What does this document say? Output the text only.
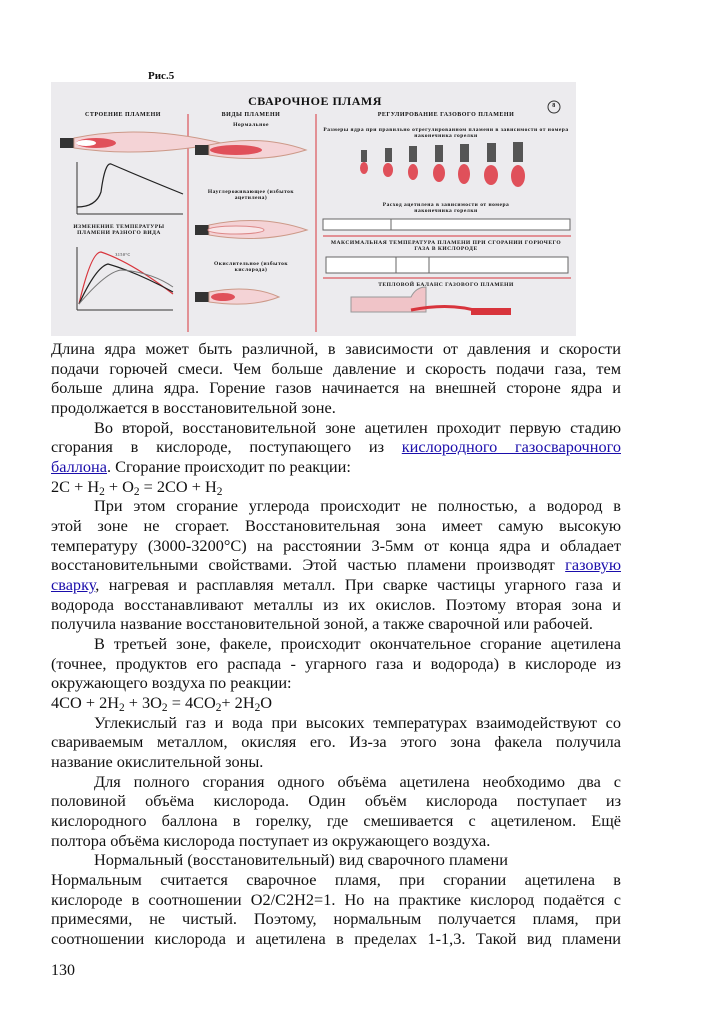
Рис.5
СВАРОЧНОЕ ПЛАМЯ	8
СТРОЕНИЕ ПЛАМЕНИ
ИЗМЕНЕНИЕ ТЕМПЕРАТУРЫ ПЛАМЕНИ РАЗНОГО ВИДА
3150°C
ВИДЫ ПЛАМЕНИ
Нормальное
Науглероживающее (избыток ацетилена)
Окислительное (избыток кислорода)
РЕГУЛИРОВАНИЕ ГАЗОВОГО ПЛАМЕНИ
Размеры ядра при правильно отрегулированном пламени в зависимости от номера наконечника горелки
Расход ацетилена в зависимости от номера наконечника горелки
МАКСИМАЛЬНАЯ ТЕМПЕРАТУРА ПЛАМЕНИ ПРИ СГОРАНИИ ГОРЮЧЕГО ГАЗА В КИСЛОРОДЕ
ТЕПЛОВОЙ БАЛАНС ГАЗОВОГО ПЛАМЕНИ
Длина ядра может быть различной, в зависимости от давления и скорости
подачи горючей смеси. Чем больше давление и скорость подачи газа, тем
больше длина ядра. Горение газов начинается на внешней стороне ядра и
продолжается в восстановительной зоне.
Во второй, восстановительной зоне ацетилен проходит первую стадию
сгорания в кислороде, поступающего из кислородного газосварочного
баллона. Сгорание происходит по реакции:
$2C + H_2 + O_2 = 2CO + H_2$
При этом сгорание углерода происходит не полностью, а водород в
этой зоне не сгорает. Восстановительная зона имеет самую высокую
температуру (3000-3200°С) на расстоянии 3-5мм от конца ядра и обладает
восстановительными свойствами. Этой частью пламени производят газовую
сварку, нагревая и расплавляя металл. При сварке частицы угарного газа и
водорода восстанавливают металлы из их окислов. Поэтому вторая зона и
получила название восстановительной зоной, а также сварочной или рабочей.
В третьей зоне, факеле, происходит окончательное сгорание ацетилена
(точнее, продуктов его распада - угарного газа и водорода) в кислороде из
окружающего воздуха по реакции:
$4CO + 2H_2 + 3O_2 = 4CO_2+ 2H_2O$
Углекислый газ и вода при высоких температурах взаимодействуют со
свариваемым металлом, окисляя его. Из-за этого зона факела получила
название окислительной зоны.
Для полного сгорания одного объёма ацетилена необходимо два с
половиной объёма кислорода. Один объём кислорода поступает из
кислородного баллона в горелку, где смешивается с ацетиленом. Ещё
полтора объёма кислорода поступает из окружающего воздуха.
Нормальный (восстановительный) вид сварочного пламени
Нормальным считается сварочное пламя, при сгорании ацетилена в
кислороде в соотношении O2/C2H2=1. Но на практике кислород подаётся с
примесями, не чистый. Поэтому, нормальным получается пламя, при
соотношении кислорода и ацетилена в пределах 1-1,3. Такой вид пламени
130
